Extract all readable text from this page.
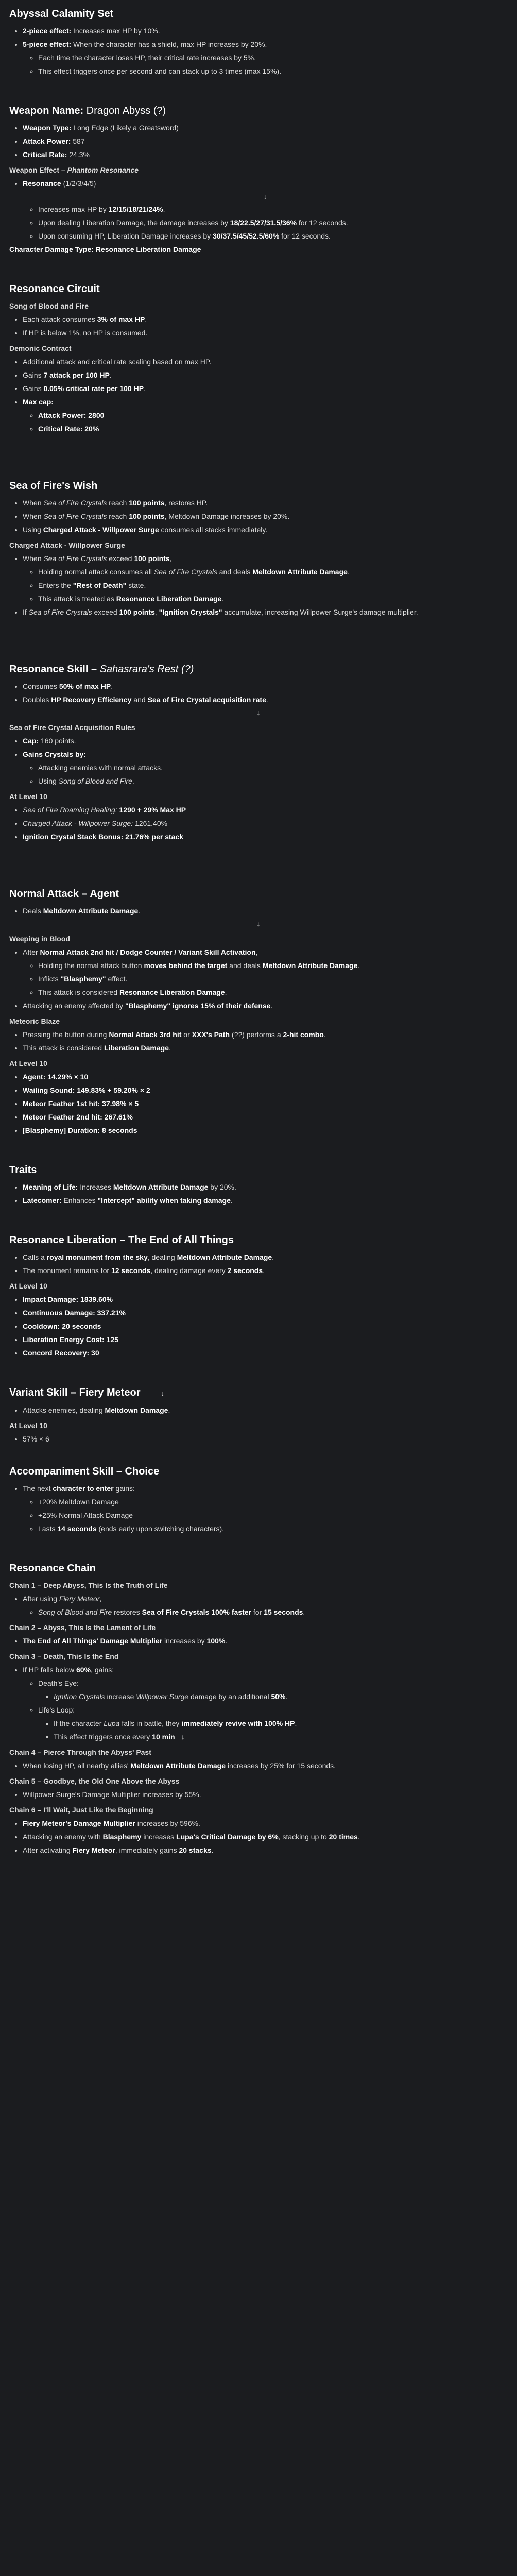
Abyssal Calamity Set
• 2-piece effect: Increases max HP by 10%.
• 5-piece effect: When the character has a shield, max HP increases by 20%.
◦ Each time the character loses HP, their critical rate increases by 5%.
◦ This effect triggers once per second and can stack up to 3 times (max 15%).
Weapon Name: Dragon Abyss (?)
• Weapon Type: Long Edge (Likely a Greatsword)
• Attack Power: 587
• Critical Rate: 24.3%
Weapon Effect – Phantom Resonance
• Resonance (1/2/3/4/5)
↓
◦ Increases max HP by 12/15/18/21/24%.
◦ Upon dealing Liberation Damage, the damage increases by 18/22.5/27/31.5/36% for 12 seconds.
◦ Upon consuming HP, Liberation Damage increases by 30/37.5/45/52.5/60% for 12 seconds.
Character Damage Type: Resonance Liberation Damage
Resonance Circuit
Song of Blood and Fire
• Each attack consumes 3% of max HP.
• If HP is below 1%, no HP is consumed.
Demonic Contract
• Additional attack and critical rate scaling based on max HP.
• Gains 7 attack per 100 HP.
• Gains 0.05% critical rate per 100 HP.
• Max cap:
◦ Attack Power: 2800
◦ Critical Rate: 20%
Sea of Fire's Wish
• When Sea of Fire Crystals reach 100 points, restores HP.
• When Sea of Fire Crystals reach 100 points, Meltdown Damage increases by 20%.
• Using Charged Attack - Willpower Surge consumes all stacks immediately.
Charged Attack - Willpower Surge
• When Sea of Fire Crystals exceed 100 points,
◦ Holding normal attack consumes all Sea of Fire Crystals and deals Meltdown Attribute Damage.
◦ Enters the "Rest of Death" state.
◦ This attack is treated as Resonance Liberation Damage.
• If Sea of Fire Crystals exceed 100 points, "Ignition Crystals" accumulate, increasing Willpower Surge's damage multiplier.
Resonance Skill – Sahasrara's Rest (?)
• Consumes 50% of max HP.
• Doubles HP Recovery Efficiency and Sea of Fire Crystal acquisition rate.
↓
Sea of Fire Crystal Acquisition Rules
• Cap: 160 points.
• Gains Crystals by:
◦ Attacking enemies with normal attacks.
◦ Using Song of Blood and Fire.
At Level 10
• Sea of Fire Roaming Healing: 1290 + 29% Max HP
• Charged Attack - Willpower Surge: 1261.40%
• Ignition Crystal Stack Bonus: 21.76% per stack
Normal Attack – Agent
• Deals Meltdown Attribute Damage.
↓
Weeping in Blood
• After Normal Attack 2nd hit / Dodge Counter / Variant Skill Activation,
◦ Holding the normal attack button moves behind the target and deals Meltdown Attribute Damage.
◦ Inflicts "Blasphemy" effect.
◦ This attack is considered Resonance Liberation Damage.
• Attacking an enemy affected by "Blasphemy" ignores 15% of their defense.
Meteoric Blaze
• Pressing the button during Normal Attack 3rd hit or XXX's Path (??) performs a 2-hit combo.
• This attack is considered Liberation Damage.
At Level 10
• Agent: 14.29% × 10
• Wailing Sound: 149.83% + 59.20% × 2
• Meteor Feather 1st hit: 37.98% × 5
• Meteor Feather 2nd hit: 267.61%
• [Blasphemy] Duration: 8 seconds
Traits
• Meaning of Life: Increases Meltdown Attribute Damage by 20%.
• Latecomer: Enhances "Intercept" ability when taking damage.
Resonance Liberation – The End of All Things
• Calls a royal monument from the sky, dealing Meltdown Attribute Damage.
• The monument remains for 12 seconds, dealing damage every 2 seconds.
At Level 10
• Impact Damage: 1839.60%
• Continuous Damage: 337.21%
• Cooldown: 20 seconds
• Liberation Energy Cost: 125
• Concord Recovery: 30
Variant Skill – Fiery Meteor	↓
• Attacks enemies, dealing Meltdown Damage.
At Level 10
• 57% × 6
Accompaniment Skill – Choice
• The next character to enter gains:
◦ +20% Meltdown Damage
◦ +25% Normal Attack Damage
◦ Lasts 14 seconds (ends early upon switching characters).
Resonance Chain
Chain 1 – Deep Abyss, This Is the Truth of Life
• After using Fiery Meteor,
◦ Song of Blood and Fire restores Sea of Fire Crystals 100% faster for 15 seconds.
Chain 2 – Abyss, This Is the Lament of Life
• The End of All Things' Damage Multiplier increases by 100%.
Chain 3 – Death, This Is the End
• If HP falls below 60%, gains:
◦ Death's Eye:
▪ Ignition Crystals increase Willpower Surge damage by an additional 50%.
◦ Life's Loop:
▪ If the character Lupa falls in battle, they immediately revive with 100% HP.
▪ This effect triggers once every 10 min ↓
Chain 4 – Pierce Through the Abyss' Past
• When losing HP, all nearby allies' Meltdown Attribute Damage increases by 25% for 15 seconds.
Chain 5 – Goodbye, the Old One Above the Abyss
• Willpower Surge's Damage Multiplier increases by 55%.
Chain 6 – I'll Wait, Just Like the Beginning
• Fiery Meteor's Damage Multiplier increases by 596%.
• Attacking an enemy with Blasphemy increases Lupa's Critical Damage by 6%, stacking up to 20 times.
• After activating Fiery Meteor, immediately gains 20 stacks.
